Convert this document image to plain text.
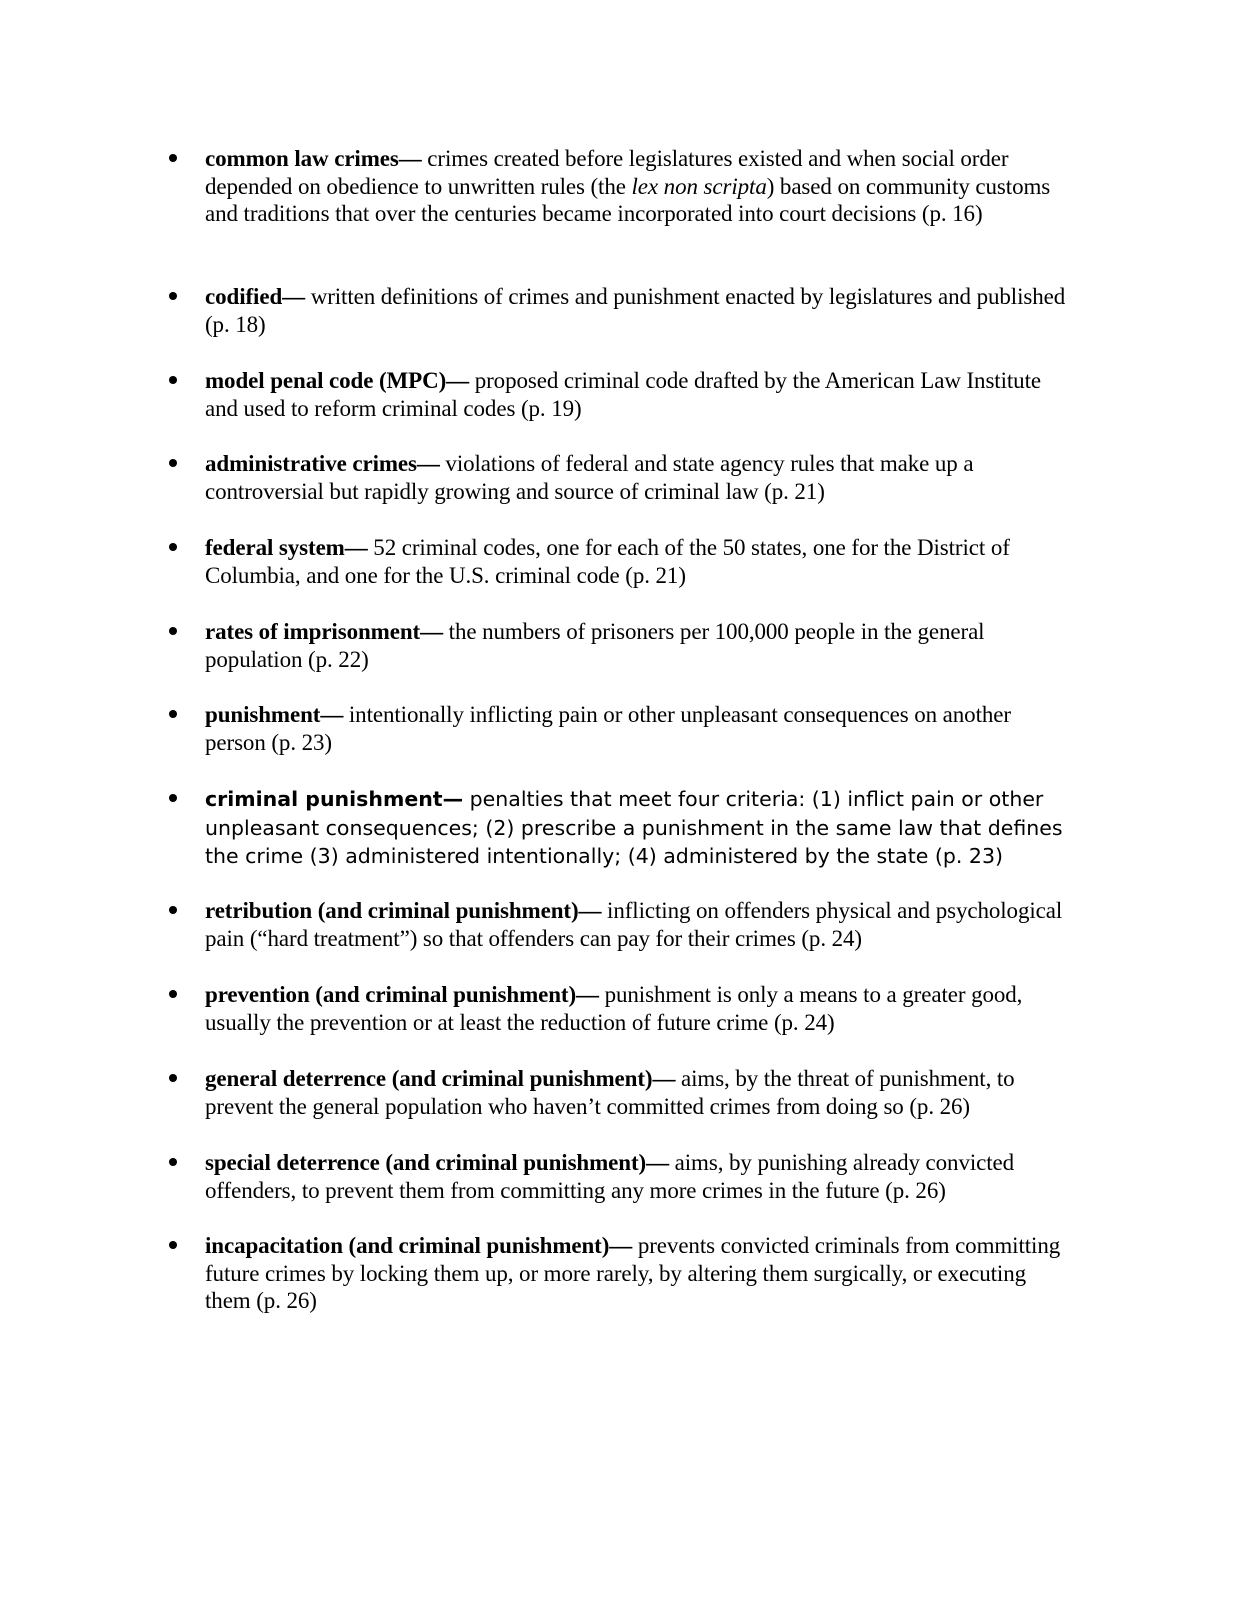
common law crimes— crimes created before legislatures existed and when social order depended on obedience to unwritten rules (the lex non scripta) based on community customs and traditions that over the centuries became incorporated into court decisions (p. 16)
codified— written definitions of crimes and punishment enacted by legislatures and published  (p. 18)
model penal code (MPC)— proposed criminal code drafted by the American Law Institute and used to reform criminal codes (p. 19)
administrative crimes— violations of federal and state agency rules that make up a controversial but rapidly growing and source of criminal law (p. 21)
federal system— 52 criminal codes, one for each of the 50 states, one for the District of Columbia, and one for the U.S. criminal code (p. 21)
rates of imprisonment— the numbers of prisoners per 100,000 people in the general population (p. 22)
punishment— intentionally inflicting pain or other unpleasant consequences on another person (p. 23)
criminal punishment— penalties that meet four criteria: (1) inflict pain or other unpleasant consequences; (2) prescribe a punishment in the same law that defines the crime (3) administered intentionally; (4) administered by the state (p. 23)
retribution (and criminal punishment)— inflicting on offenders physical and psychological pain (“hard treatment”) so that offenders can pay for their crimes (p. 24)
prevention (and criminal punishment)— punishment is only a means to a greater good, usually the prevention or at least the reduction of future crime (p. 24)
general deterrence (and criminal punishment)— aims, by the threat of punishment, to prevent the general population who haven’t committed crimes from doing so (p. 26)
special deterrence (and criminal punishment)— aims, by punishing already convicted offenders, to prevent them from committing any more crimes in the future (p. 26)
incapacitation (and criminal punishment)— prevents convicted criminals from committing future crimes by locking them up, or more rarely, by altering them surgically, or executing them (p. 26)
